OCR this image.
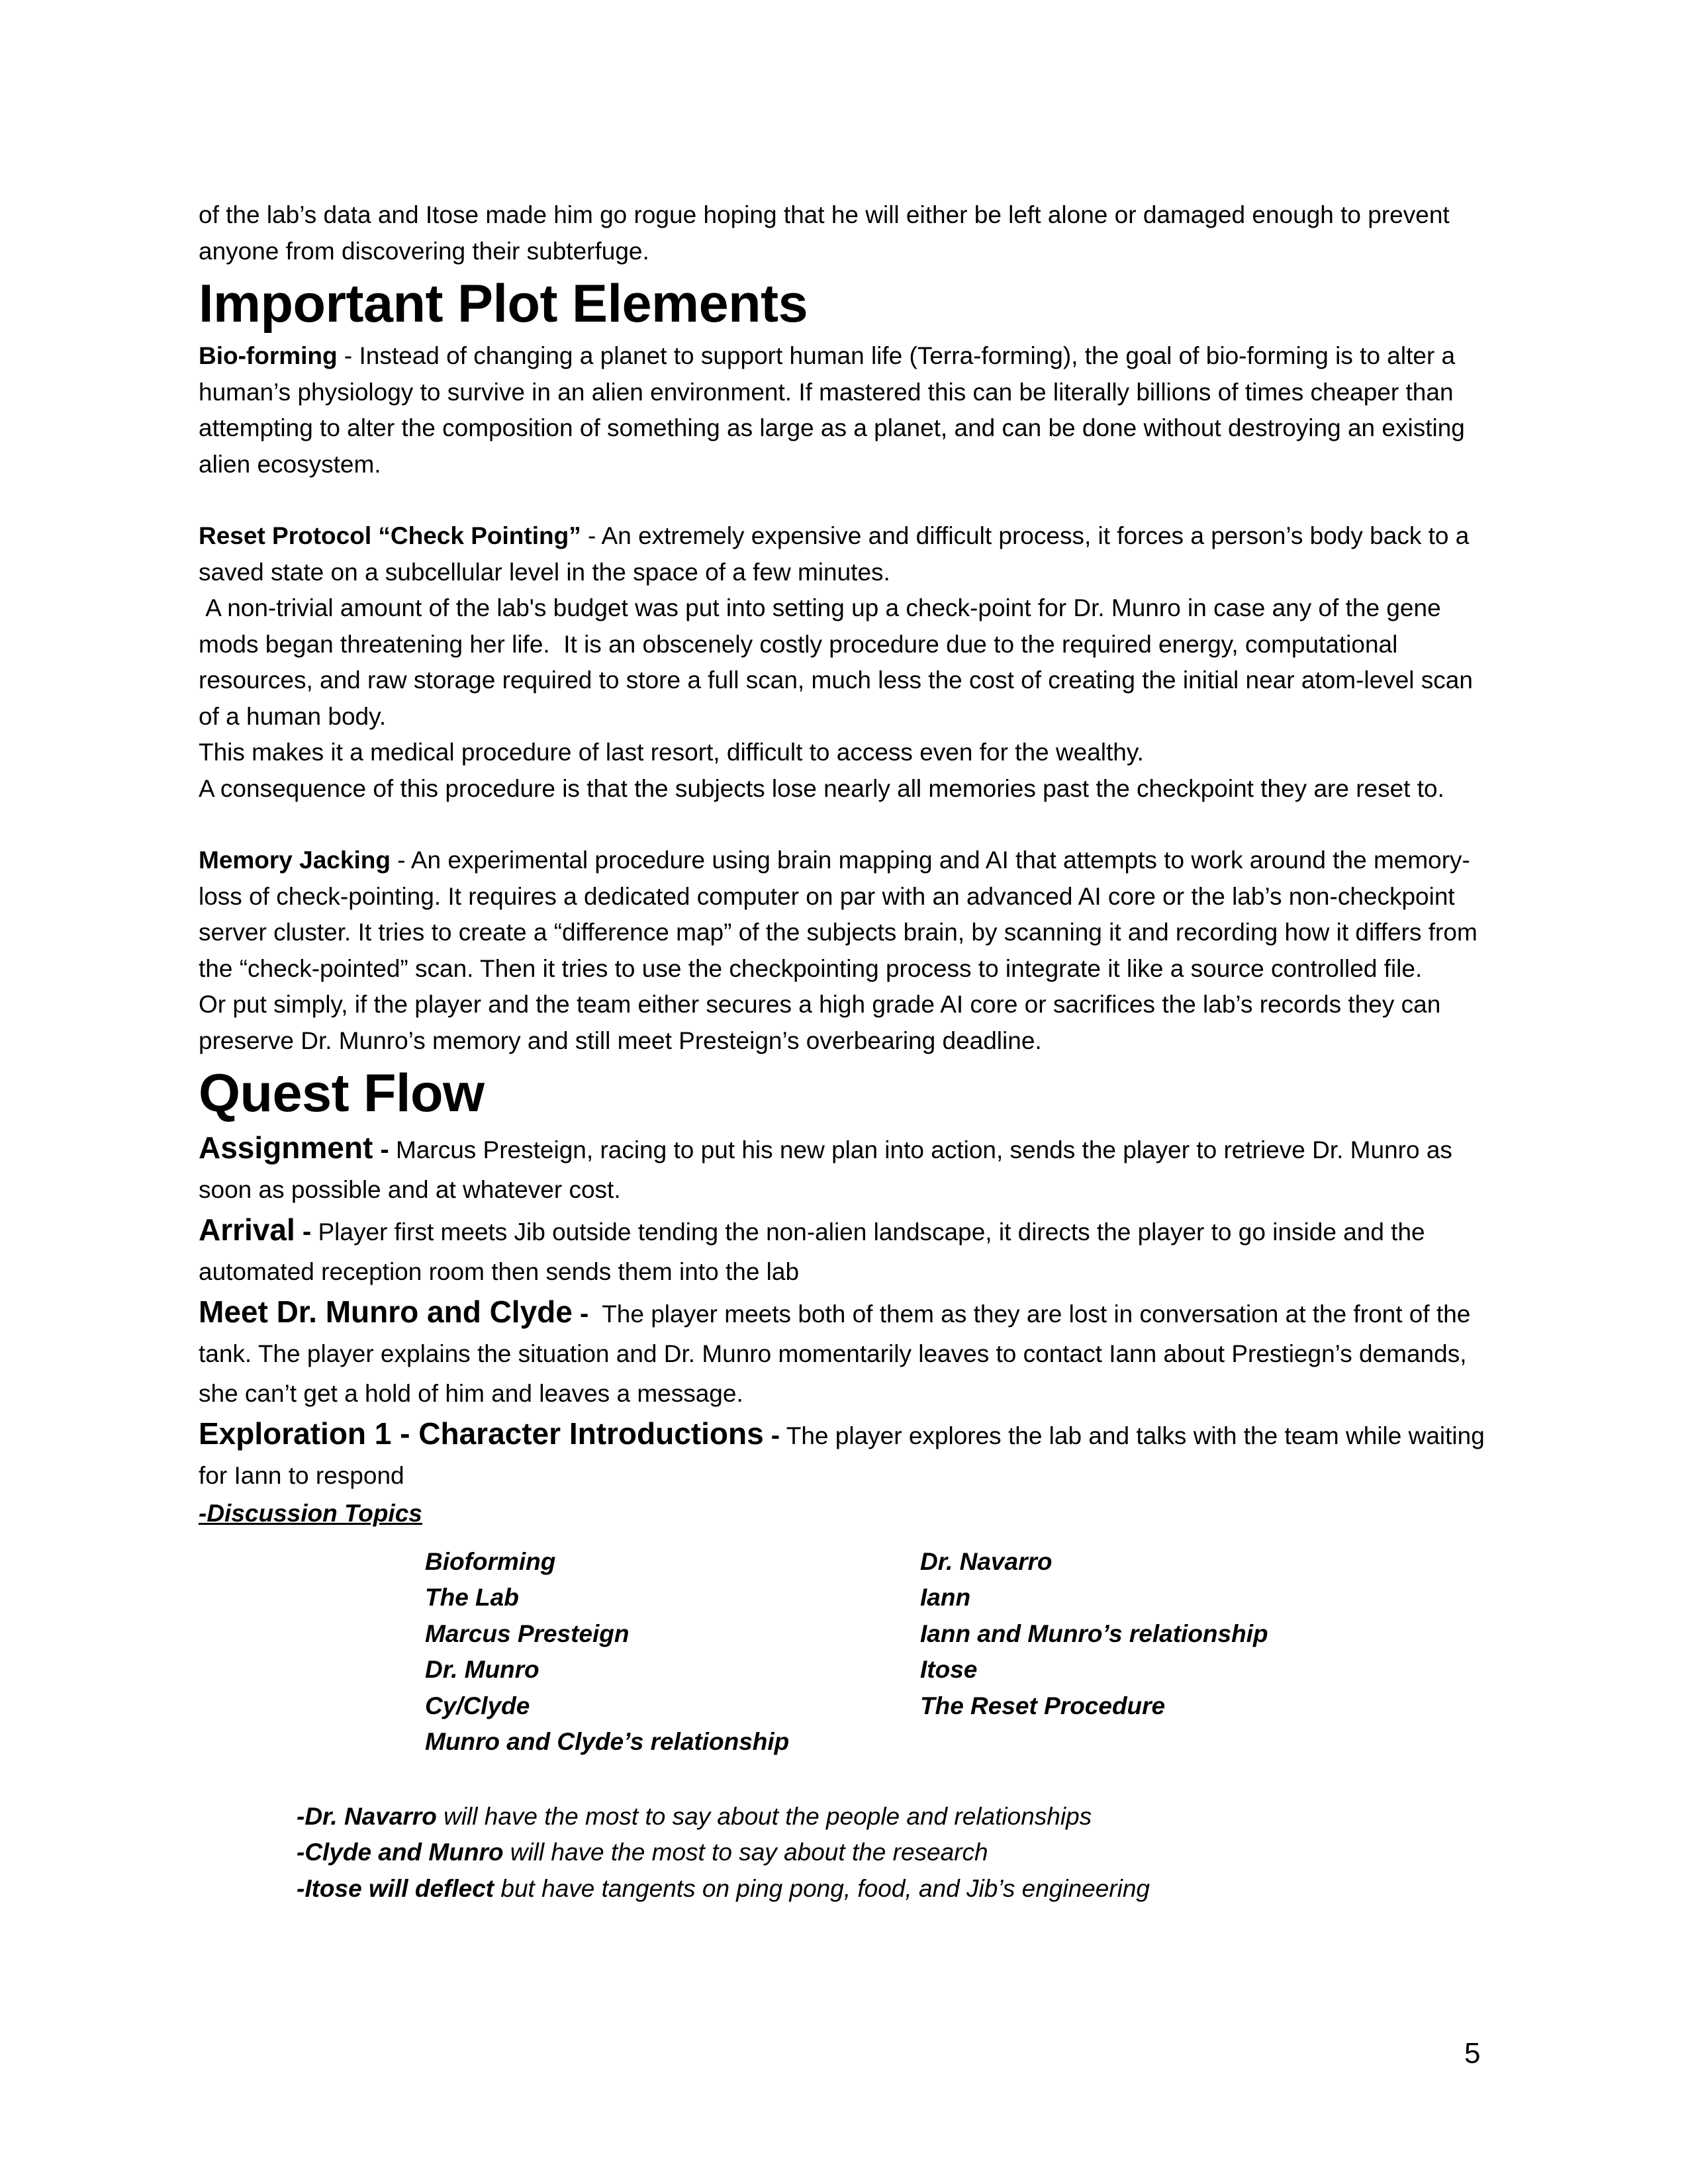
of the lab’s data and Itose made him go rogue hoping that he will either be left alone or damaged enough to prevent anyone from discovering their subterfuge.

Important Plot Elements

Bio-forming - Instead of changing a planet to support human life (Terra-forming), the goal of bio-forming is to alter a human’s physiology to survive in an alien environment. If mastered this can be literally billions of times cheaper than attempting to alter the composition of something as large as a planet, and can be done without destroying an existing alien ecosystem.

Reset Protocol “Check Pointing” - An extremely expensive and difficult process, it forces a person’s body back to a saved state on a subcellular level in the space of a few minutes.

A non-trivial amount of the lab's budget was put into setting up a check-point for Dr. Munro in case any of the gene mods began threatening her life.  It is an obscenely costly procedure due to the required energy, computational resources, and raw storage required to store a full scan, much less the cost of creating the initial near atom-level scan of a human body.

This makes it a medical procedure of last resort, difficult to access even for the wealthy.

A consequence of this procedure is that the subjects lose nearly all memories past the checkpoint they are reset to.

Memory Jacking - An experimental procedure using brain mapping and AI that attempts to work around the memory-loss of check-pointing. It requires a dedicated computer on par with an advanced AI core or the lab’s non-checkpoint server cluster. It tries to create a “difference map” of the subjects brain, by scanning it and recording how it differs from the “check-pointed” scan. Then it tries to use the checkpointing process to integrate it like a source controlled file.

Or put simply, if the player and the team either secures a high grade AI core or sacrifices the lab’s records they can preserve Dr. Munro’s memory and still meet Presteign’s overbearing deadline.

Quest Flow

Assignment - Marcus Presteign, racing to put his new plan into action, sends the player to retrieve Dr. Munro as soon as possible and at whatever cost.

Arrival - Player first meets Jib outside tending the non-alien landscape, it directs the player to go inside and the automated reception room then sends them into the lab

Meet Dr. Munro and Clyde -  The player meets both of them as they are lost in conversation at the front of the tank. The player explains the situation and Dr. Munro momentarily leaves to contact Iann about Prestiegn’s demands, she can’t get a hold of him and leaves a message.

Exploration 1 - Character Introductions - The player explores the lab and talks with the team while waiting for Iann to respond

-Discussion Topics

Bioforming
The Lab
Marcus Presteign
Dr. Munro
Cy/Clyde
Munro and Clyde’s relationship
Dr. Navarro
Iann
Iann and Munro’s relationship
Itose
The Reset Procedure

-Dr. Navarro will have the most to say about the people and relationships

-Clyde and Munro will have the most to say about the research

-Itose will deflect but have tangents on ping pong, food, and Jib’s engineering

5
